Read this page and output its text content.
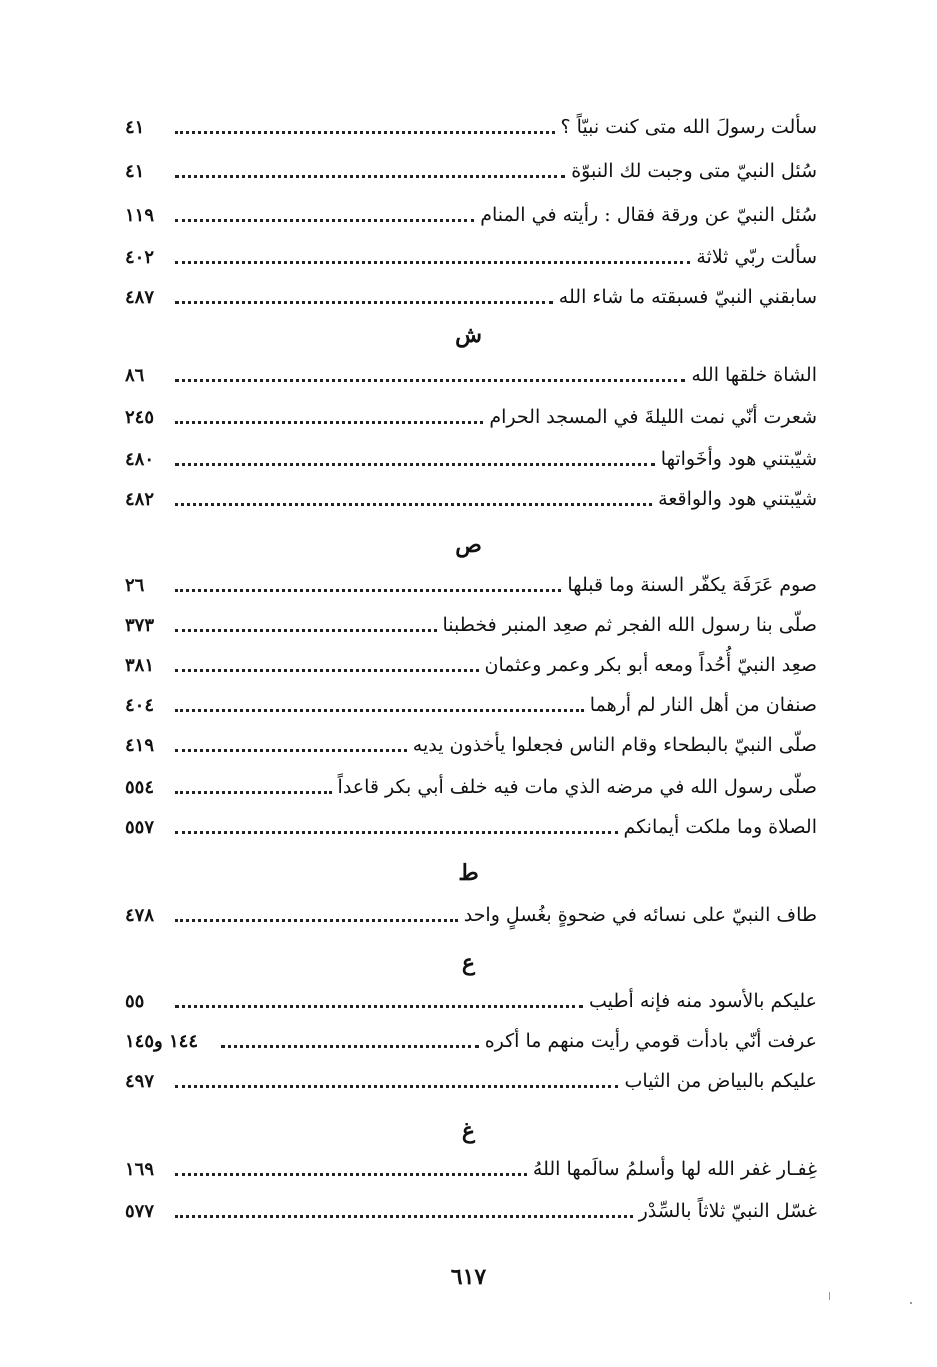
سألت رسولَ الله متى كنت نبيّاً ؟
٤١
سُئل النبيّ متى وجبت لك النبوّة
٤١
سُئل النبيّ عن ورقة فقال : رأيته في المنام
١١٩
سألت ربّي ثلاثة
٤٠٢
سابقني النبيّ فسبقته ما شاء الله
٤٨٧
ش
الشاة خلقها الله
٨٦
شعرت أنّي نمت الليلةَ في المسجد الحرام
٢٤٥
شيّبتني هود وأخَواتها
٤٨٠
شيّبتني هود والواقعة
٤٨٢
ص
صوم عَرَفَة يكفّر السنة وما قبلها
٢٦
صلّى بنا رسول الله الفجر ثم صعِد المنبر فخطبنا
٣٧٣
صعِد النبيّ أُحُداً ومعه أبو بكر وعمر وعثمان
٣٨١
صنفان من أهل النار لم أرهما
٤٠٤
صلّى النبيّ بالبطحاء وقام الناس فجعلوا يأخذون يديه
٤١٩
صلّى رسول الله في مرضه الذي مات فيه خلف أبي بكر قاعداً
٥٥٤
الصلاة وما ملكت أيمانكم
٥٥٧
ط
طاف النبيّ على نسائه في ضحوةٍ بغُسلٍ واحد
٤٧٨
ع
عليكم بالأسود منه فإنه أطيب
٥٥
عرفت أنّي بادأت قومي رأيت منهم ما أكره
١٤٤ و١٤٥
عليكم بالبياض من الثياب
٤٩٧
غ
غِفـار غفر الله لها وأسلمُ سالَمها اللهُ
١٦٩
غسّل النبيّ ثلاثاً بالسِّدْر
٥٧٧
٦١٧
